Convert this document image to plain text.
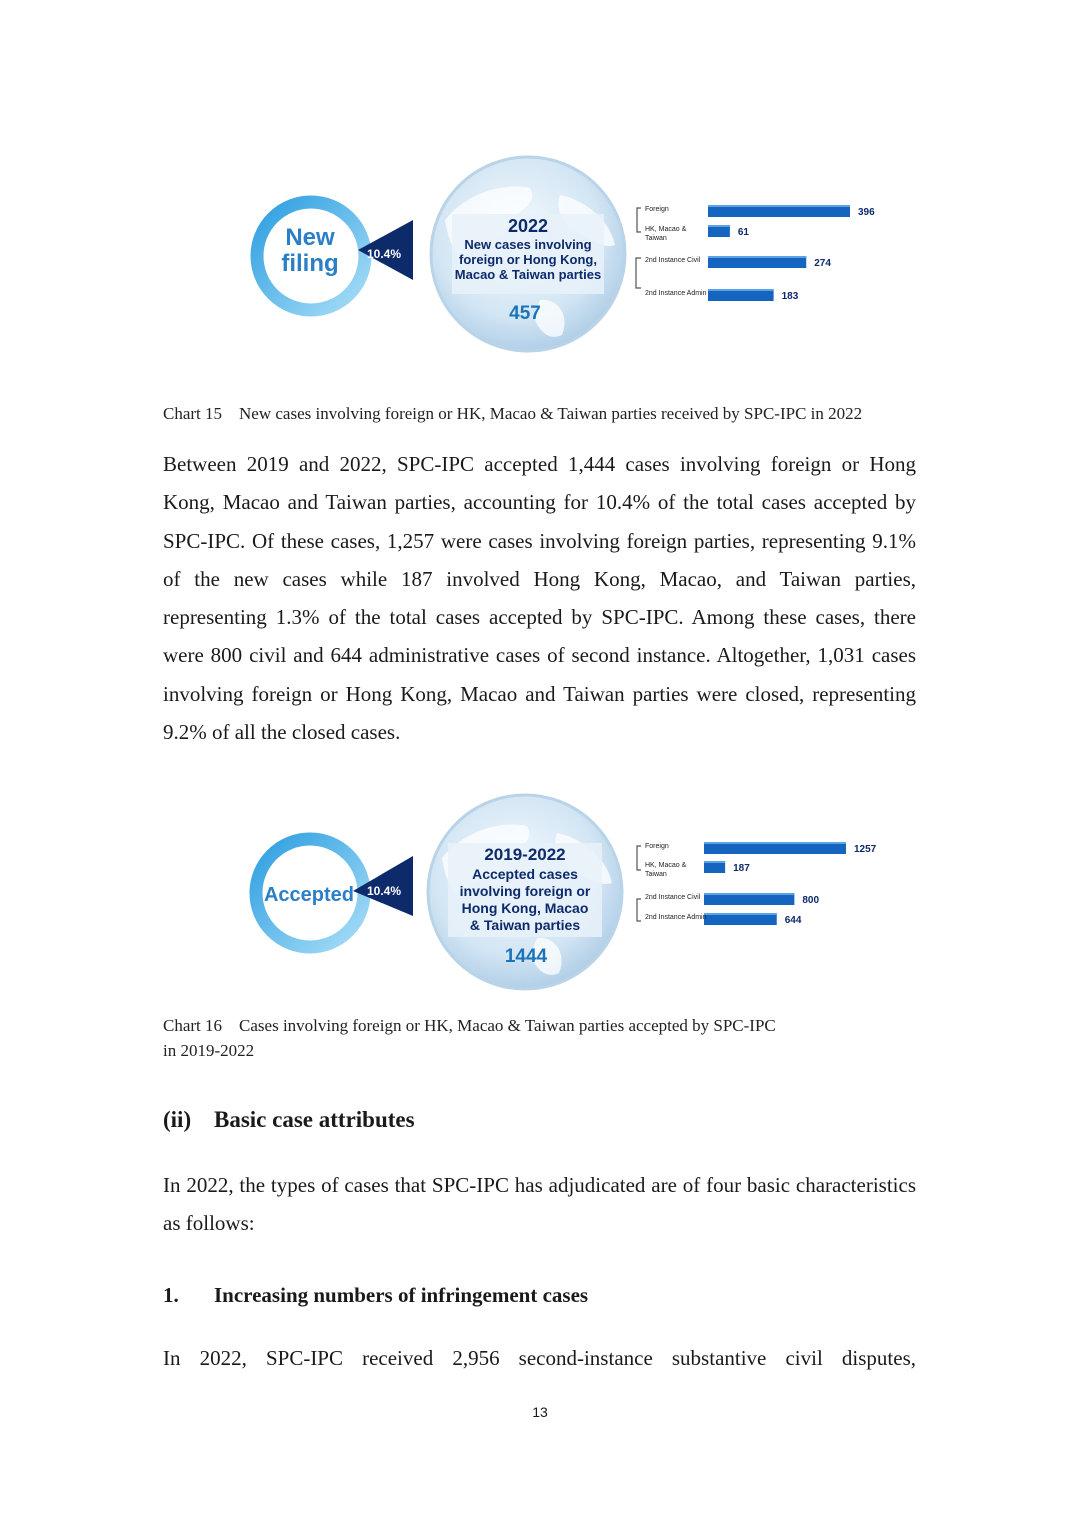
New
filing 10.4%
2022
New cases involving
foreign or Hong Kong,
Macao & Taiwan parties
457
396
Foreign
61
HK, Macao &
Taiwan
274
2nd Instance Civil
183
2nd Instance Admin
Chart 15 New cases involving foreign or HK, Macao & Taiwan parties received by SPC-IPC in 2022
Between 2019 and 2022, SPC-IPC accepted 1,444 cases involving foreign or Hong Kong, Macao and Taiwan parties, accounting for 10.4% of the total cases accepted by SPC-IPC. Of these cases, 1,257 were cases involving foreign parties, representing 9.1% of the new cases while 187 involved Hong Kong, Macao, and Taiwan parties, representing 1.3% of the total cases accepted by SPC-IPC. Among these cases, there were 800 civil and 644 administrative cases of second instance. Altogether, 1,031 cases involving foreign or Hong Kong, Macao and Taiwan parties were closed, representing 9.2% of all the closed cases.
Accepted 10.4%
2019-2022
Accepted cases
involving foreign or
Hong Kong, Macao
& Taiwan parties
1444
1257
Foreign
187
HK, Macao &
Taiwan
800
2nd Instance Civil
644
2nd Instance Admin
Chart 16 Cases involving foreign or HK, Macao & Taiwan parties accepted by SPC-IPC
in 2019-2022
(ii) Basic case attributes
In 2022, the types of cases that SPC-IPC has adjudicated are of four basic characteristics as follows:
1. Increasing numbers of infringement cases
In 2022, SPC-IPC received 2,956 second-instance substantive civil disputes,
13
